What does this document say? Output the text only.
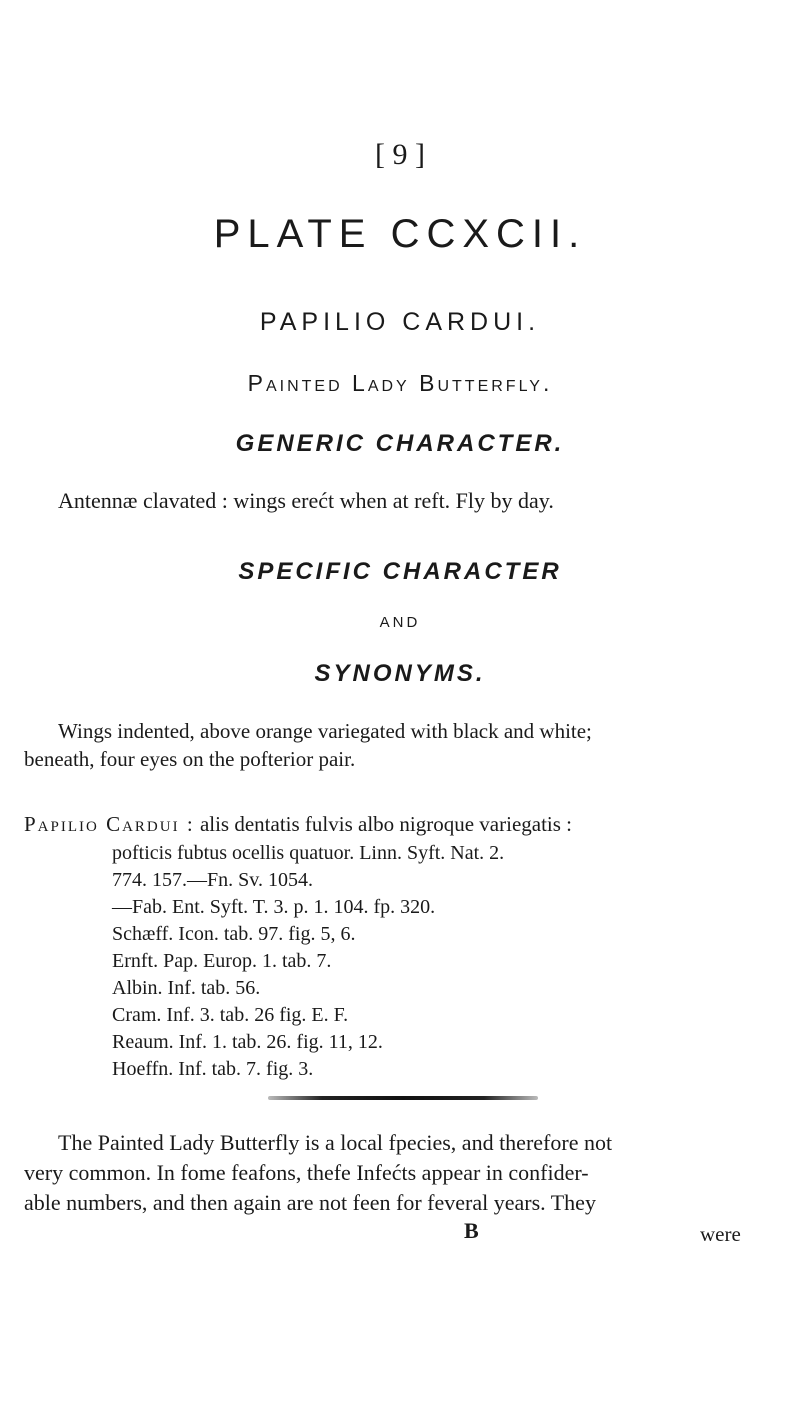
[ 9 ]
PLATE CCXCII.
PAPILIO CARDUI.
Painted Lady Butterfly.
GENERIC CHARACTER.
Antennæ clavated : wings erećt when at reft. Fly by day.
SPECIFIC CHARACTER
AND
SYNONYMS.
Wings indented, above orange variegated with black and white;
beneath, four eyes on the pofterior pair.
Papilio Cardui : alis dentatis fulvis albo nigroque variegatis :
pofticis fubtus ocellis quatuor. Linn. Syft. Nat. 2.
774. 157.—Fn. Sv. 1054.
—Fab. Ent. Syft. T. 3. p. 1. 104. fp. 320.
Schæff. Icon. tab. 97. fig. 5, 6.
Ernft. Pap. Europ. 1. tab. 7.
Albin. Inf. tab. 56.
Cram. Inf. 3. tab. 26 fig. E. F.
Reaum. Inf. 1. tab. 26. fig. 11, 12.
Hoeffn. Inf. tab. 7. fig. 3.
The Painted Lady Butterfly is a local fpecies, and therefore not
very common. In fome feafons, thefe Infećts appear in confider-
able numbers, and then again are not feen for feveral years. They
B	were
